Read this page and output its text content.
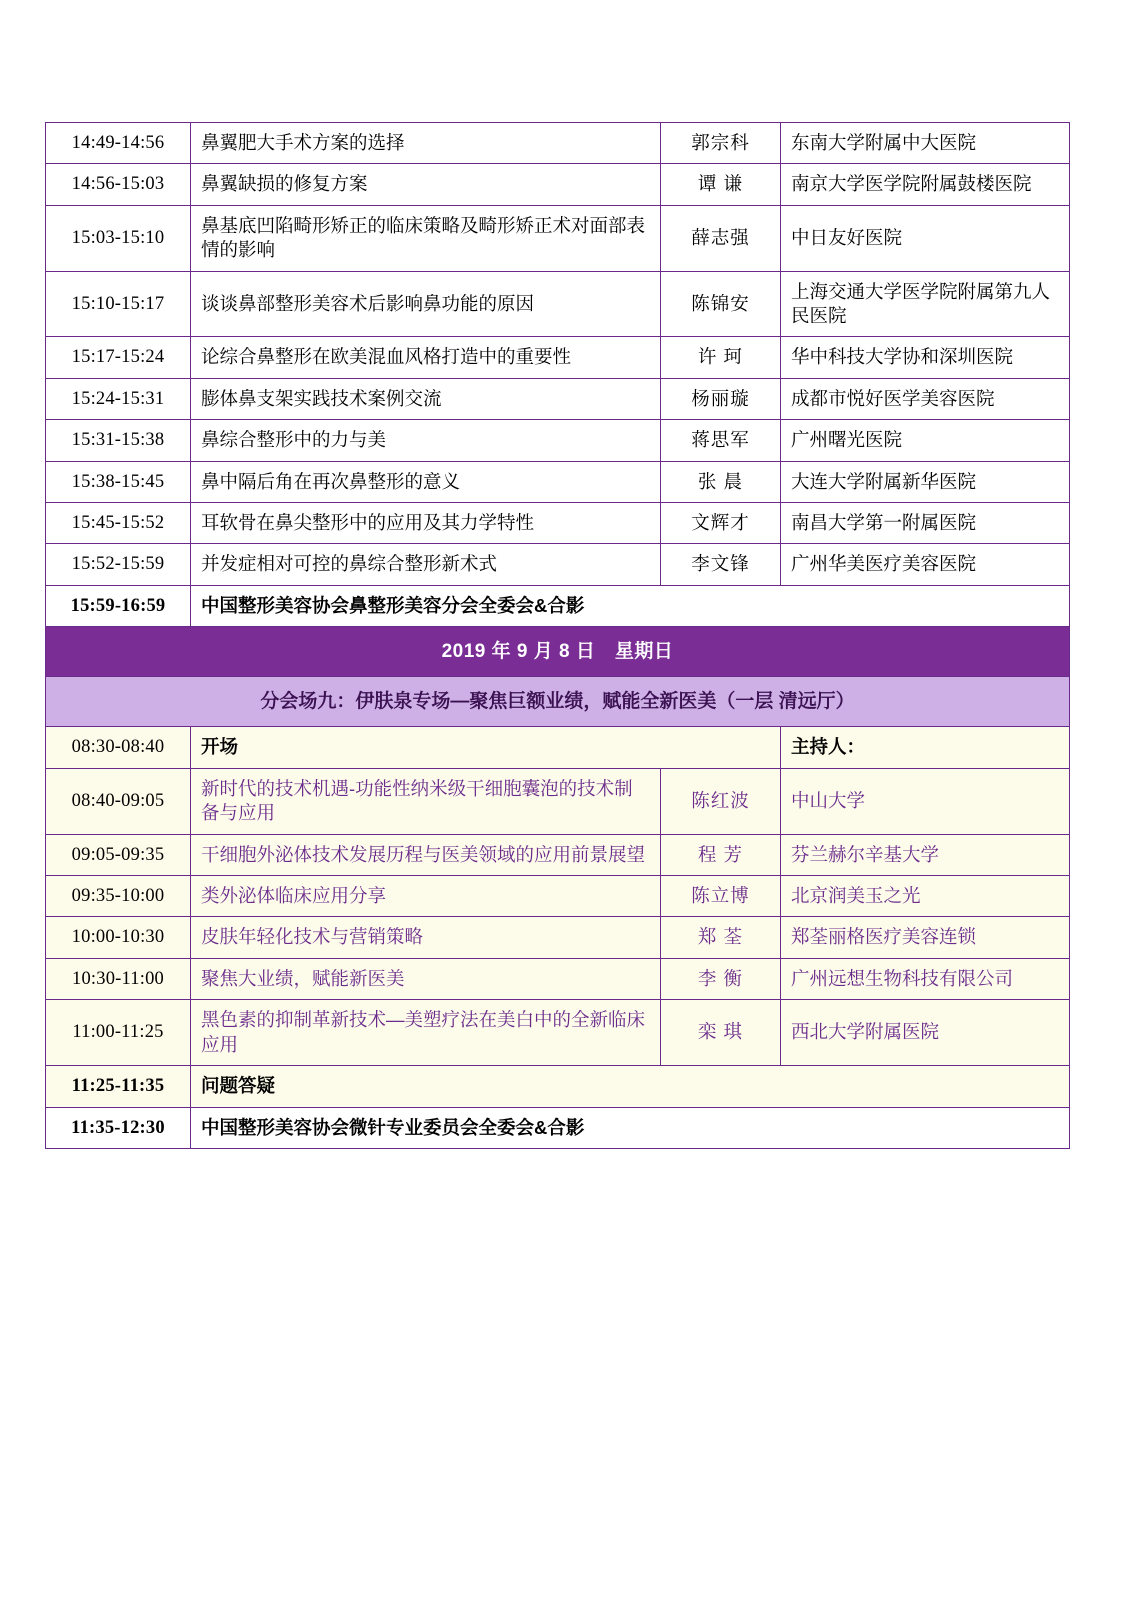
14:49-14:56	鼻翼肥大手术方案的选择	郭宗科	东南大学附属中大医院
14:56-15:03	鼻翼缺损的修复方案	谭 谦	南京大学医学院附属鼓楼医院
15:03-15:10	鼻基底凹陷畸形矫正的临床策略及畸形矫正术对面部表情的影响	薛志强	中日友好医院
15:10-15:17	谈谈鼻部整形美容术后影响鼻功能的原因	陈锦安	上海交通大学医学院附属第九人民医院
15:17-15:24	论综合鼻整形在欧美混血风格打造中的重要性	许 珂	华中科技大学协和深圳医院
15:24-15:31	膨体鼻支架实践技术案例交流	杨丽璇	成都市悦好医学美容医院
15:31-15:38	鼻综合整形中的力与美	蒋思军	广州曙光医院
15:38-15:45	鼻中隔后角在再次鼻整形的意义	张 晨	大连大学附属新华医院
15:45-15:52	耳软骨在鼻尖整形中的应用及其力学特性	文辉才	南昌大学第一附属医院
15:52-15:59	并发症相对可控的鼻综合整形新术式	李文锋	广州华美医疗美容医院
15:59-16:59	中国整形美容协会鼻整形美容分会全委会&合影		
2019 年 9 月 8 日　星期日			
分会场九：伊肤泉专场—聚焦巨额业绩，赋能全新医美（一层 清远厅）			
08:30-08:40	开场		主持人：
08:40-09:05	新时代的技术机遇-功能性纳米级干细胞囊泡的技术制备与应用	陈红波	中山大学
09:05-09:35	干细胞外泌体技术发展历程与医美领域的应用前景展望	程 芳	芬兰赫尔辛基大学
09:35-10:00	类外泌体临床应用分享	陈立博	北京润美玉之光
10:00-10:30	皮肤年轻化技术与营销策略	郑 荃	郑荃丽格医疗美容连锁
10:30-11:00	聚焦大业绩，赋能新医美	李 衡	广州远想生物科技有限公司
11:00-11:25	黑色素的抑制革新技术—美塑疗法在美白中的全新临床应用	栾 琪	西北大学附属医院
11:25-11:35	问题答疑		
11:35-12:30	中国整形美容协会微针专业委员会全委会&合影		
